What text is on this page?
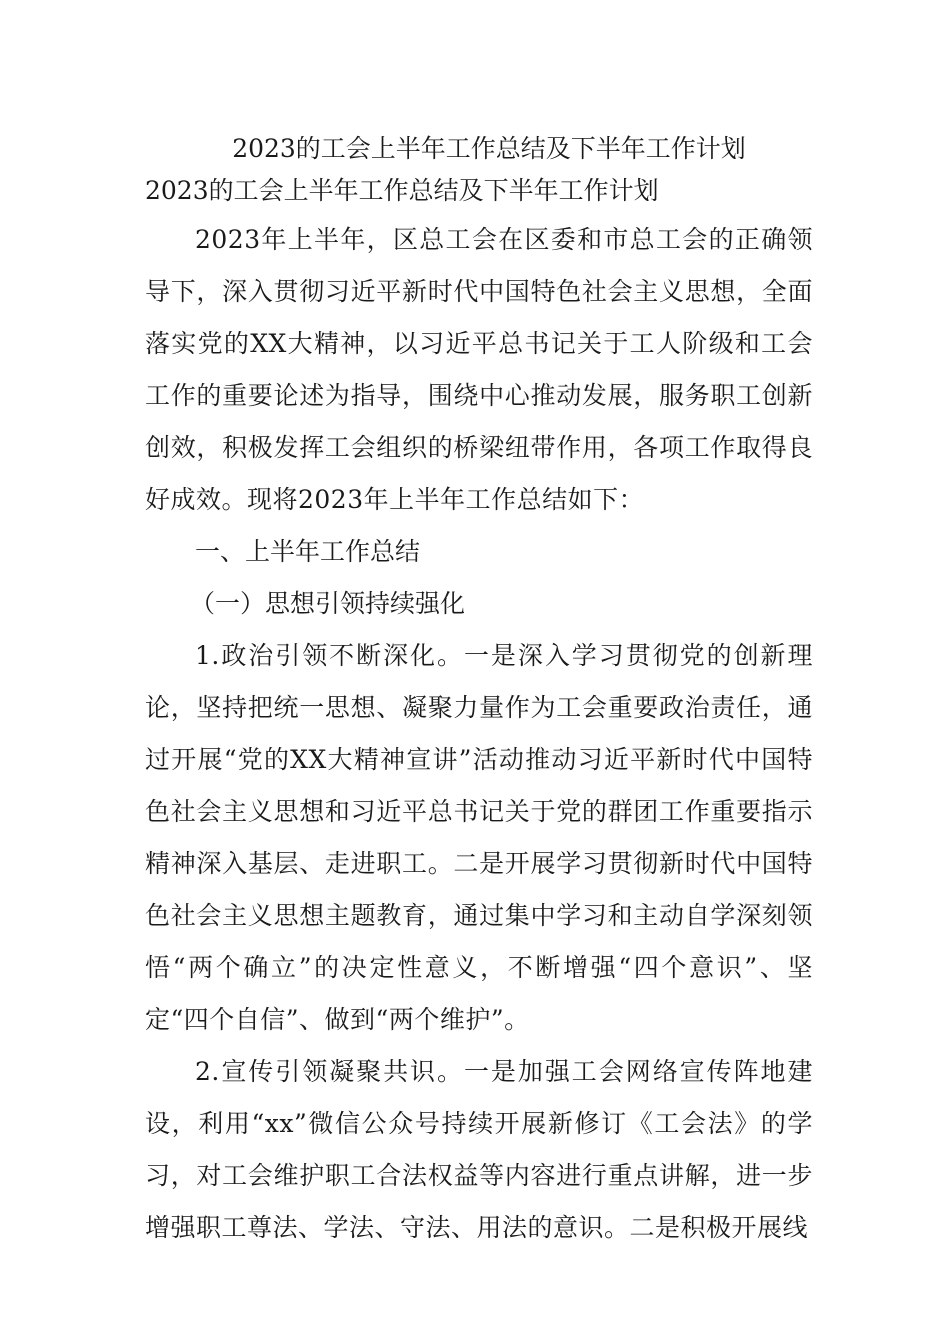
2023的工会上半年工作总结及下半年工作计划

2023的工会上半年工作总结及下半年工作计划

2023年上半年，区总工会在区委和市总工会的正确领导下，深入贯彻习近平新时代中国特色社会主义思想，全面落实党的XX大精神，以习近平总书记关于工人阶级和工会工作的重要论述为指导，围绕中心推动发展，服务职工创新创效，积极发挥工会组织的桥梁纽带作用，各项工作取得良好成效。现将2023年上半年工作总结如下：

一、上半年工作总结

（一）思想引领持续强化

1.政治引领不断深化。一是深入学习贯彻党的创新理论，坚持把统一思想、凝聚力量作为工会重要政治责任，通过开展“党的XX大精神宣讲”活动推动习近平新时代中国特色社会主义思想和习近平总书记关于党的群团工作重要指示精神深入基层、走进职工。二是开展学习贯彻新时代中国特色社会主义思想主题教育，通过集中学习和主动自学深刻领悟“两个确立”的决定性意义，不断增强“四个意识”、坚定“四个自信”、做到“两个维护”。

2.宣传引领凝聚共识。一是加强工会网络宣传阵地建设，利用“xx”微信公众号持续开展新修订《工会法》的学习，对工会维护职工合法权益等内容进行重点讲解，进一步增强职工尊法、学法、守法、用法的意识。二是积极开展线
